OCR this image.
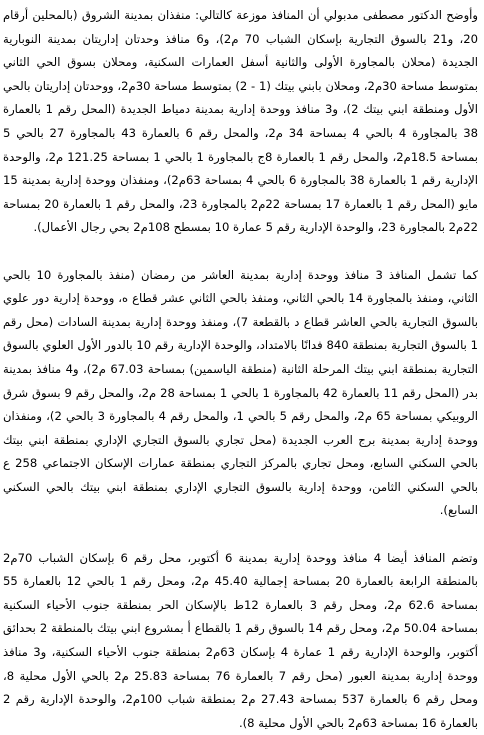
وأوضح الدكتور مصطفى مدبولي أن المنافذ موزعة كالتالي: منفذان بمدينة الشروق (بالمحلين أرقام 20، و21 بالسوق التجارية بإسكان الشباب 70 م2)، و6 منافذ وحدتان إداريتان بمدينة النوبارية الجديدة (محلان بالمجاورة الأولى والثانية أسفل العمارات السكنية، ومحلان بسوق الحي الثاني بمتوسط مساحة 30م2، ومحلان بابني بيتك (1 - 2) بمتوسط مساحة 30م2، ووحدتان إداريتان بالحي الأول ومنطقة ابني بيتك 2)، و3 منافذ ووحدة إدارية بمدينة دمياط الجديدة (المحل رقم 1 بالعمارة 38 بالمجاورة 4 بالحي 4 بمساحة 34 م2، والمحل رقم 6 بالعمارة 43 بالمجاورة 27 بالحي 5 بمساحة 18.5م2، والمحل رقم 1 بالعمارة 8ج بالمجاورة 1 بالحي 1 بمساحة 121.25 م2، والوحدة الإدارية رقم 1 بالعمارة 38 بالمجاورة 6 بالحي 4 بمساحة 63م2)، ومنفذان ووحدة إدارية بمدينة 15 مايو (المحل رقم 1 بالعمارة 17 بمساحة 22م2 بالمجاورة 23، والمحل رقم 1 بالعمارة 20 بمساحة 22م2 بالمجاورة 23، والوحدة الإدارية رقم 5 عمارة 10 بمسطح 108م2 بحي رجال الأعمال).

كما تشمل المنافذ 3 منافذ ووحدة إدارية بمدينة العاشر من رمضان (منفذ بالمجاورة 10 بالحي الثاني، ومنفذ بالمجاورة 14 بالحي الثاني، ومنفذ بالحي الثاني عشر قطاع ه، ووحدة إدارية دور علوي بالسوق التجارية بالحي العاشر قطاع د بالقطعة 7)، ومنفذ ووحدة إدارية بمدينة السادات (محل رقم 1 بالسوق التجارية بمنطقة 840 فدانًا بالامتداد، والوحدة الإدارية رقم 10 بالدور الأول العلوي بالسوق التجارية بمنطقة ابني بيتك المرحلة الثانية (منطقة الياسمين) بمساحة 67.03 م2)، و4 منافذ بمدينة بدر (المحل رقم 11 بالعمارة 42 بالمجاورة 1 بالحي 1 بمساحة 28 م2، والمحل رقم 9 بسوق شرق الروبيكي بمساحة 65 م2، والمحل رقم 5 بالحي 1، والمحل رقم 4 بالمجاورة 3 بالحي 2)، ومنفذان ووحدة إدارية بمدينة برج العرب الجديدة (محل تجاري بالسوق التجاري الإداري بمنطقة ابني بيتك بالحي السكني السابع، ومحل تجاري بالمركز التجاري بمنطقة عمارات الإسكان الاجتماعي 258 ع بالحي السكني الثامن، ووحدة إدارية بالسوق التجاري الإداري بمنطقة ابني بيتك بالحي السكني السابع).

وتضم المنافذ أيضا 4 منافذ ووحدة إدارية بمدينة 6 أكتوبر، محل رقم 6 بإسكان الشباب 70م2 بالمنطقة الرابعة بالعمارة 20 بمساحة إجمالية 45.40 م2، ومحل رقم 1 بالحي 12 بالعمارة 55 بمساحة 62.6 م2، ومحل رقم 3 بالعمارة 12ط بالإسكان الحر بمنطقة جنوب الأحياء السكنية بمساحة 50.04 م2، ومحل رقم 14 بالسوق رقم 1 بالقطاع أ بمشروع ابني بيتك بالمنطقة 2 بحدائق أكتوبر، والوحدة الإدارية رقم 1 عمارة 4 بإسكان 63م2 بمنطقة جنوب الأحياء السكنية، و3 منافذ ووحدة إدارية بمدينة العبور (محل رقم 7 بالعمارة 76 بمساحة 25.83 م2 بالحي الأول محلية 8، ومحل رقم 6 بالعمارة 537 بمساحة 27.43 م2 بمنطقة شباب 100م2، والوحدة الإدارية رقم 2 بالعمارة 16 بمساحة 63م2 بالحي الأول محلية 8).
